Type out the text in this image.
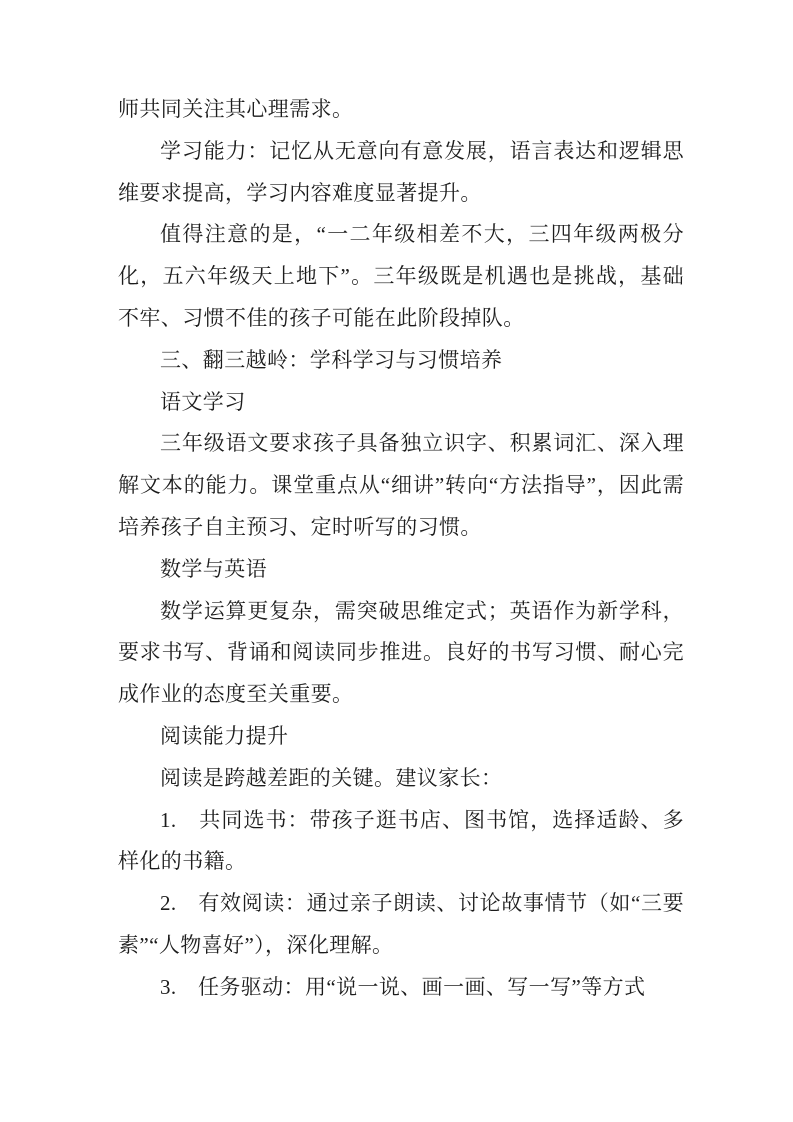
师共同关注其心理需求。

学习能力：记忆从无意向有意发展，语言表达和逻辑思维要求提高，学习内容难度显著提升。

值得注意的是，“一二年级相差不大，三四年级两极分化，五六年级天上地下”。三年级既是机遇也是挑战，基础不牢、习惯不佳的孩子可能在此阶段掉队。

三、翻三越岭：学科学习与习惯培养

语文学习

三年级语文要求孩子具备独立识字、积累词汇、深入理解文本的能力。课堂重点从“细讲”转向“方法指导”，因此需培养孩子自主预习、定时听写的习惯。

数学与英语

数学运算更复杂，需突破思维定式；英语作为新学科，要求书写、背诵和阅读同步推进。良好的书写习惯、耐心完成作业的态度至关重要。

阅读能力提升

阅读是跨越差距的关键。建议家长：

1.　共同选书：带孩子逛书店、图书馆，选择适龄、多样化的书籍。

2.　有效阅读：通过亲子朗读、讨论故事情节（如“三要素”“人物喜好”），深化理解。

3.　任务驱动：用“说一说、画一画、写一写”等方式
